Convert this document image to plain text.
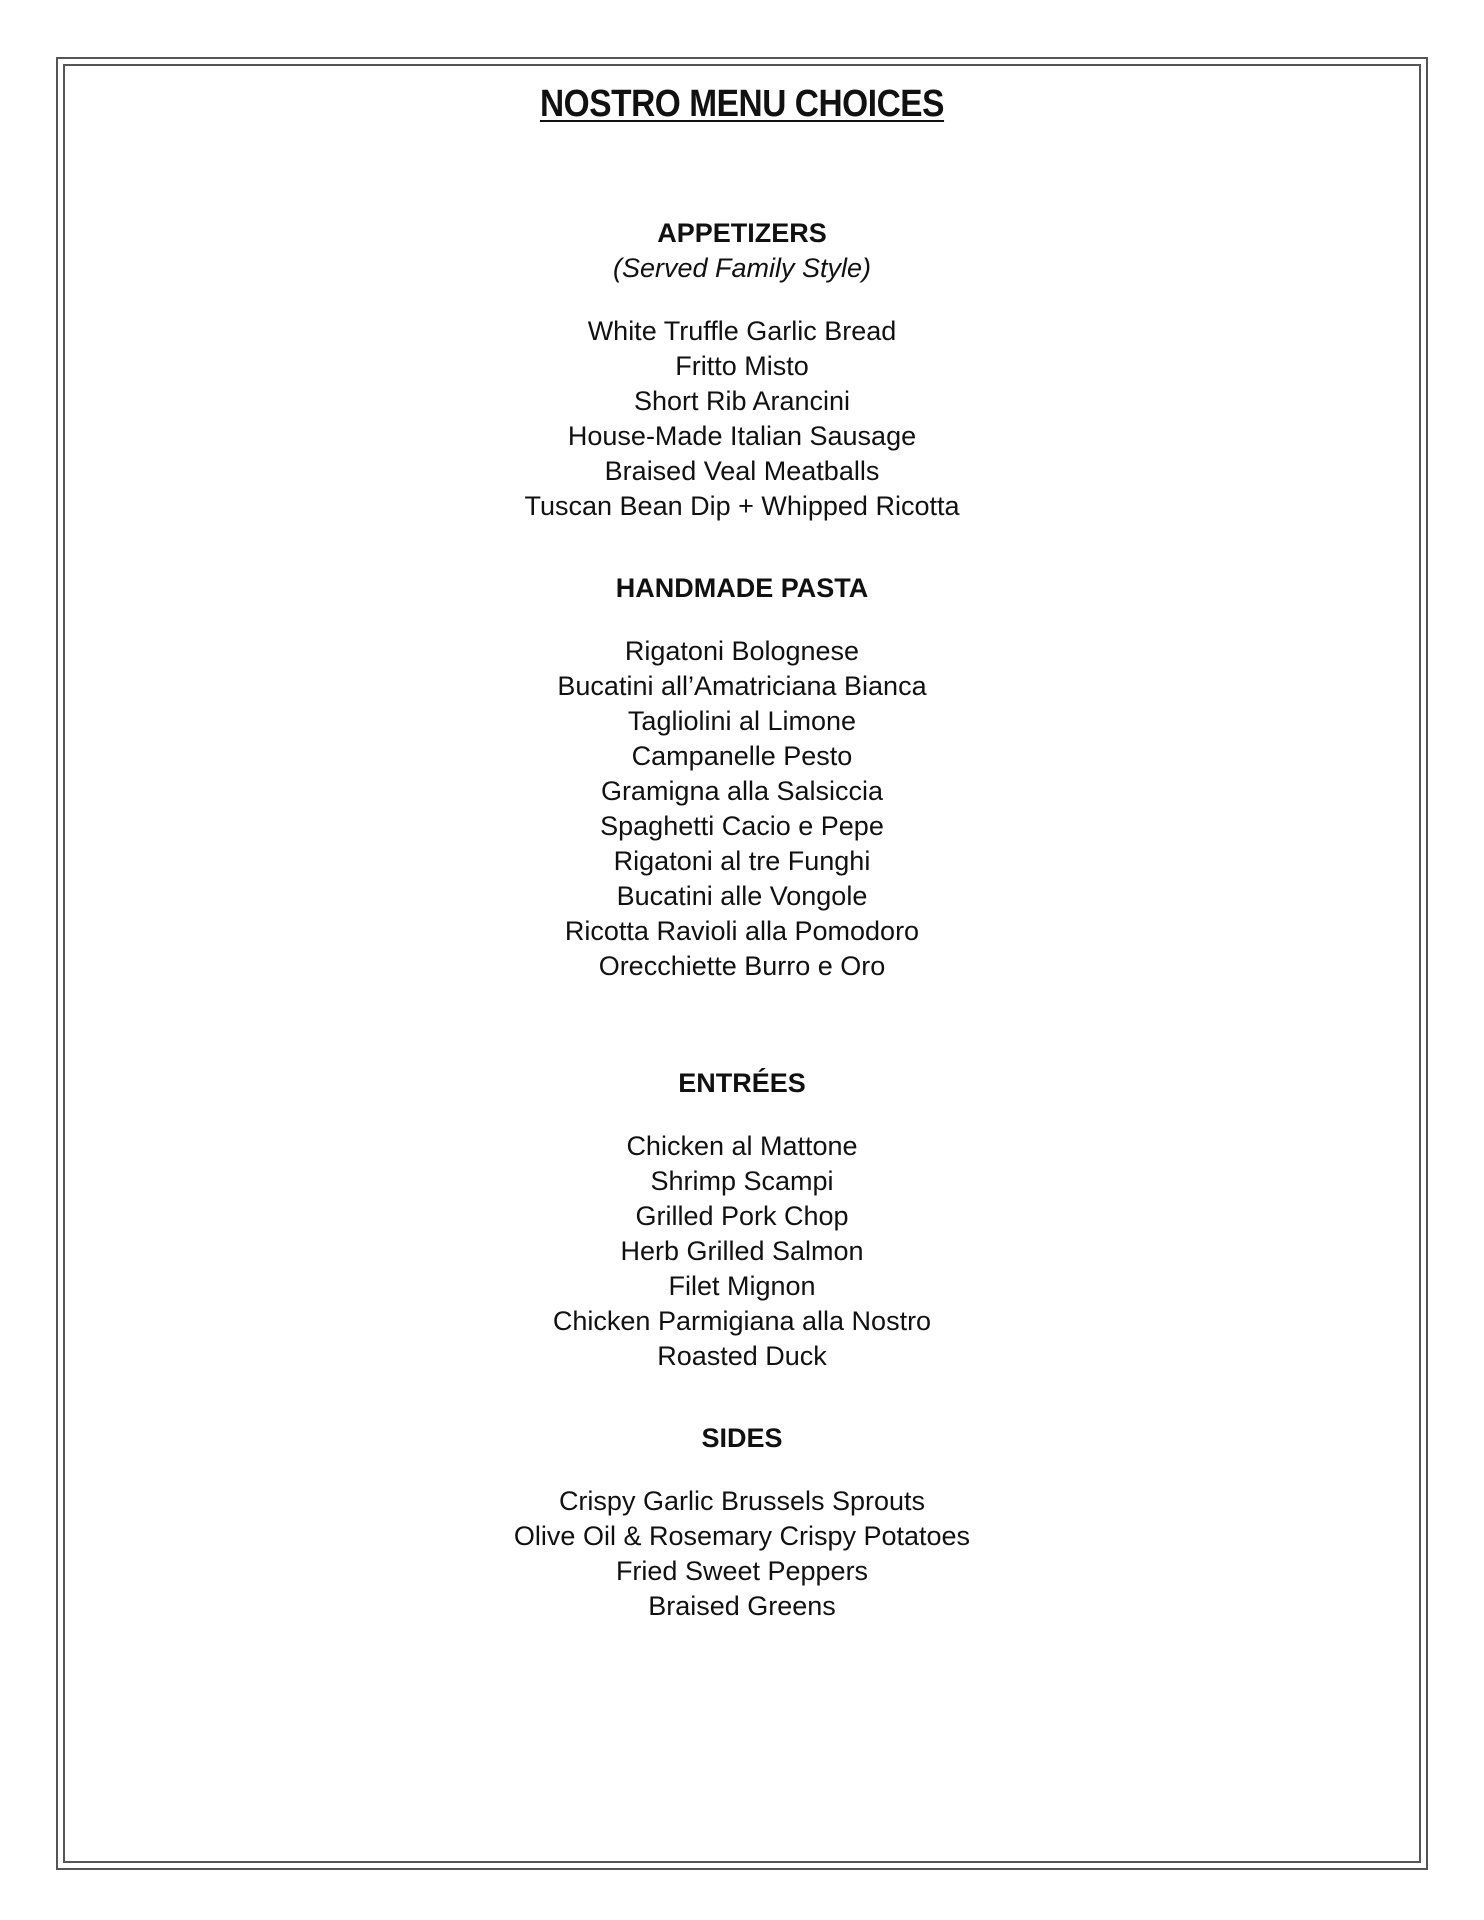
NOSTRO MENU CHOICES
APPETIZERS

(Served Family Style)

White Truffle Garlic Bread
Fritto Misto
Short Rib Arancini
House-Made Italian Sausage
Braised Veal Meatballs
Tuscan Bean Dip + Whipped Ricotta
HANDMADE PASTA
Rigatoni Bolognese
Bucatini all’Amatriciana Bianca
Tagliolini al Limone
Campanelle Pesto
Gramigna alla Salsiccia
Spaghetti Cacio e Pepe
Rigatoni al tre Funghi
Bucatini alle Vongole
Ricotta Ravioli alla Pomodoro
Orecchiette Burro e Oro
ENTRÉES
Chicken al Mattone
Shrimp Scampi
Grilled Pork Chop
Herb Grilled Salmon
Filet Mignon
Chicken Parmigiana alla Nostro
Roasted Duck
SIDES
Crispy Garlic Brussels Sprouts
Olive Oil & Rosemary Crispy Potatoes
Fried Sweet Peppers
Braised Greens
